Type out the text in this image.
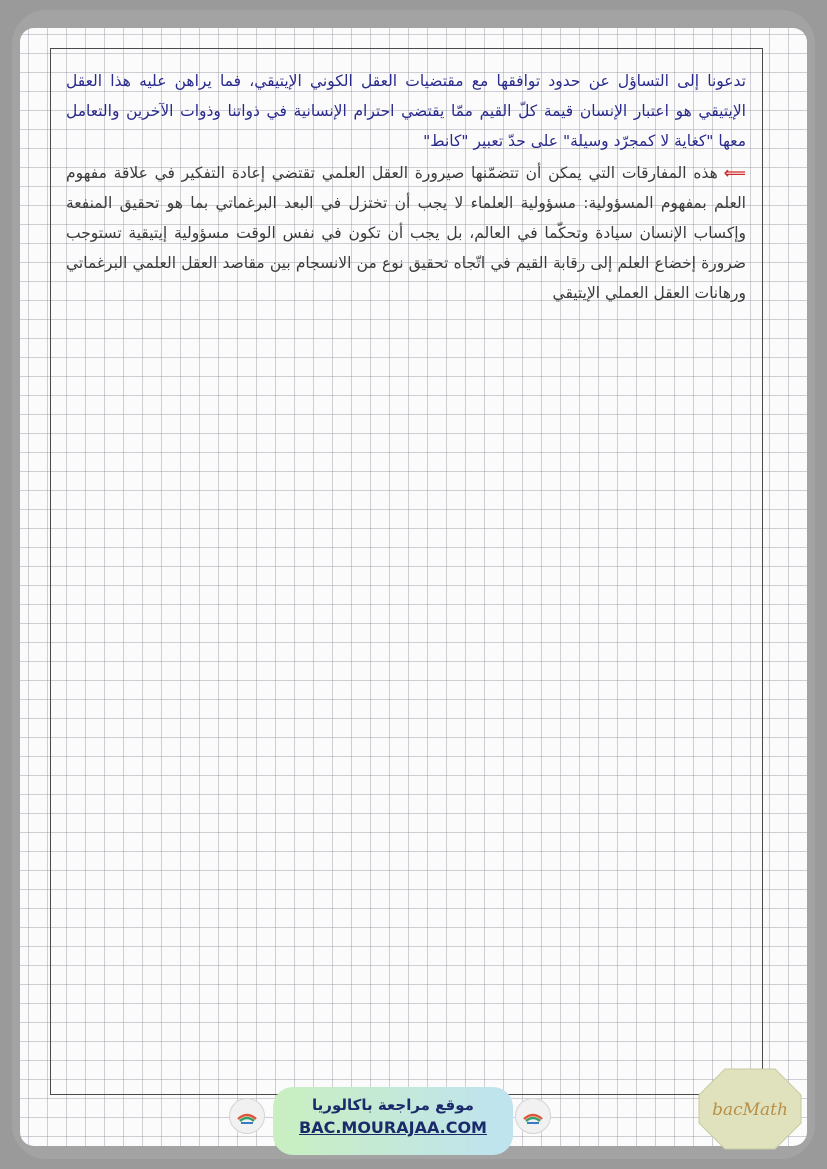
تدعونا إلى التساؤل عن حدود توافقها مع مقتضيات العقل الكوني الإيتيقي، فما يراهن عليه هذا العقل الإيتيقي هو اعتبار الإنسان قيمة كلّ القيم ممّا يقتضي احترام الإنسانية في ذواتنا وذوات الآخرين والتعامل معها "كغاية لا كمجرّد وسيلة" على حدّ تعبير "كانط"

⟸هذه المفارقات التي يمكن أن تتضمّنها صيرورة العقل العلمي تقتضي إعادة التفكير في علاقة مفهوم العلم بمفهوم المسؤولية: مسؤولية العلماء لا يجب أن تختزل في البعد البرغماتي بما هو تحقيق المنفعة وإكساب الإنسان سيادة وتحكّما في العالم، بل يجب أن تكون في نفس الوقت مسؤولية إيتيقية تستوجب ضرورة إخضاع العلم إلى رقابة القيم في اتّجاه تحقيق نوع من الانسجام بين مقاصد العقل العلمي البرغماتي ورهانات العقل العملي الإيتيقي

موقع مراجعة باكالوريا
BAC.MOURAJAA.COM
bacMath
